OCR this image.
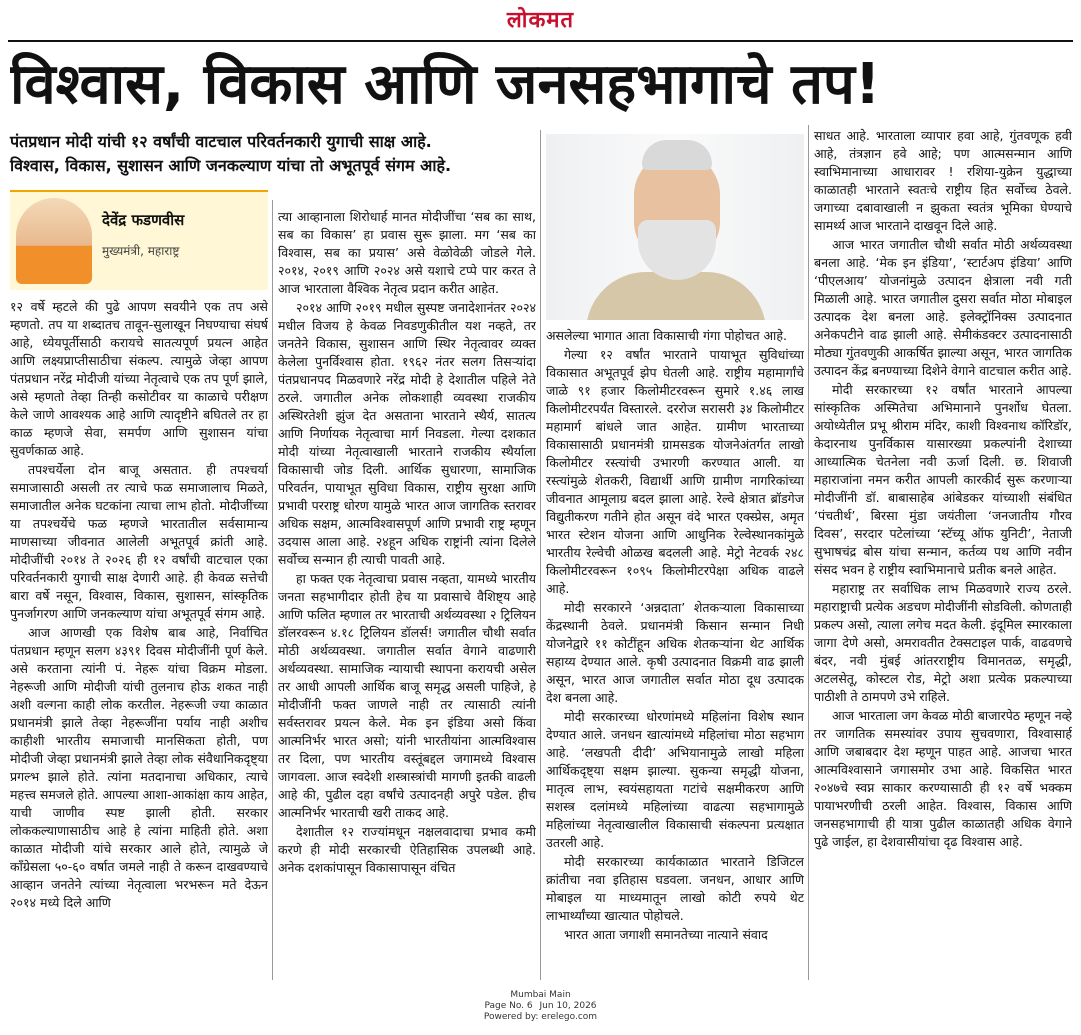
लोकमत
विश्वास, विकास आणि जनसहभागाचे तप!
पंतप्रधान मोदी यांची १२ वर्षांची वाटचाल परिवर्तनकारी युगाची साक्ष आहे.
विश्वास, विकास, सुशासन आणि जनकल्याण यांचा तो अभूतपूर्व संगम आहे.
देवेंद्र फडणवीस
मुख्यमंत्री, महाराष्ट्र

१२ वर्षे म्हटले की पुढे आपण सवयीने एक तप असे म्हणतो. तप या शब्दातच तावून-सुलाखून निघण्याचा संघर्ष आहे, ध्येयपूर्तीसाठी करायचे सातत्यपूर्ण प्रयत्न आहेत आणि लक्ष्यप्राप्तीसाठीचा संकल्प. त्यामुळे जेव्हा आपण पंतप्रधान नरेंद्र मोदीजी यांच्या नेतृत्वाचे एक तप पूर्ण झाले, असे म्हणतो तेव्हा तिन्ही कसोटीवर या काळाचे परीक्षण केले जाणे आवश्यक आहे आणि त्यादृष्टीने बघितले तर हा काळ म्हणजे सेवा, समर्पण आणि सुशासन यांचा सुवर्णकाळ आहे.

तपश्चर्येला दोन बाजू असतात. ही तपश्चर्या समाजासाठी असली तर त्याचे फळ समाजालाच मिळते, समाजातील अनेक घटकांना त्याचा लाभ होतो. मोदीजींच्या या तपश्चर्येचे फळ म्हणजे भारतातील सर्वसामान्य माणसाच्या जीवनात आलेली अभूतपूर्व क्रांती आहे. मोदीजींची २०१४ ते २०२६ ही १२ वर्षांची वाटचाल एका परिवर्तनकारी युगाची साक्ष देणारी आहे. ही केवळ सत्तेची बारा वर्षे नसून, विश्वास, विकास, सुशासन, सांस्कृतिक पुनर्जागरण आणि जनकल्याण यांचा अभूतपूर्व संगम आहे.

आज आणखी एक विशेष बाब आहे, निर्वाचित पंतप्रधान म्हणून सलग ४३९१ दिवस मोदीजींनी पूर्ण केले. असे करताना त्यांनी पं. नेहरू यांचा विक्रम मोडला. नेहरूजी आणि मोदीजी यांची तुलनाच होऊ शकत नाही अशी वल्गना काही लोक करतील. नेहरूजी ज्या काळात प्रधानमंत्री झाले तेव्हा नेहरूजींना पर्याय नाही अशीच काहीशी भारतीय समाजाची मानसिकता होती, पण मोदीजी जेव्हा प्रधानमंत्री झाले तेव्हा लोक संवैधानिकदृष्ट्या प्रगल्भ झाले होते. त्यांना मतदानाचा अधिकार, त्याचे महत्त्व समजले होते. आपल्या आशा-आकांक्षा काय आहेत, याची जाणीव स्पष्ट झाली होती. सरकार लोककल्याणासाठीच आहे हे त्यांना माहिती होते. अशा काळात मोदीजी यांचे सरकार आले होते, त्यामुळे जे काँग्रेसला ५०-६० वर्षात जमले नाही ते करून दाखवण्याचे आव्हान जनतेने त्यांच्या नेतृत्वाला भरभरून मते देऊन २०१४ मध्ये दिले आणि

त्या आव्हानाला शिरोधार्ह मानत मोदीजींचा ‘सब का साथ, सब का विकास’ हा प्रवास सुरू झाला. मग ‘सब का विश्वास, सब का प्रयास’ असे वेळोवेळी जोडले गेले. २०१४, २०१९ आणि २०२४ असे यशाचे टप्पे पार करत ते आज भारताला वैश्विक नेतृत्व प्रदान करीत आहेत.

२०१४ आणि २०१९ मधील सुस्पष्ट जनादेशानंतर २०२४ मधील विजय हे केवळ निवडणुकीतील यश नव्हते, तर जनतेने विकास, सुशासन आणि स्थिर नेतृत्वावर व्यक्त केलेला पुनर्विश्वास होता. १९६२ नंतर सलग तिसऱ्यांदा पंतप्रधानपद मिळवणारे नरेंद्र मोदी हे देशातील पहिले नेते ठरले. जगातील अनेक लोकशाही व्यवस्था राजकीय अस्थिरतेशी झुंज देत असताना भारताने स्थैर्य, सातत्य आणि निर्णायक नेतृत्वाचा मार्ग निवडला. गेल्या दशकात मोदी यांच्या नेतृत्वाखाली भारताने राजकीय स्थैर्याला विकासाची जोड दिली. आर्थिक सुधारणा, सामाजिक परिवर्तन, पायाभूत सुविधा विकास, राष्ट्रीय सुरक्षा आणि प्रभावी परराष्ट्र धोरण यामुळे भारत आज जागतिक स्तरावर अधिक सक्षम, आत्मविश्वासपूर्ण आणि प्रभावी राष्ट्र म्हणून उदयास आला आहे. २४हून अधिक राष्ट्रांनी त्यांना दिलेले सर्वोच्च सन्मान ही त्याची पावती आहे.

हा फक्त एक नेतृत्वाचा प्रवास नव्हता, यामध्ये भारतीय जनता सहभागीदार होती हेच या प्रवासाचे वैशिष्ट्य आहे आणि फलित म्हणाल तर भारताची अर्थव्यवस्था २ ट्रिलियन डॉलरवरून ४.१८ ट्रिलियन डॉलर्स! जगातील चौथी सर्वात मोठी अर्थव्यवस्था. जगातील सर्वात वेगाने वाढणारी अर्थव्यवस्था. सामाजिक न्यायाची स्थापना करायची असेल तर आधी आपली आर्थिक बाजू समृद्ध असली पाहिजे, हे मोदीजींनी फक्त जाणले नाही तर त्यासाठी त्यांनी सर्वस्तरावर प्रयत्न केले. मेक इन इंडिया असो किंवा आत्मनिर्भर भारत असो; यांनी भारतीयांना आत्मविश्वास तर दिला, पण भारतीय वस्तूंबद्दल जगामध्ये विश्वास जागवला. आज स्वदेशी शस्त्रास्त्रांची मागणी इतकी वाढली आहे की, पुढील दहा वर्षांचे उत्पादनही अपुरे पडेल. हीच आत्मनिर्भर भारताची खरी ताकद आहे.

देशातील १२ राज्यांमधून नक्षलवादाचा प्रभाव कमी करणे ही मोदी सरकारची ऐतिहासिक उपलब्धी आहे. अनेक दशकांपासून विकासापासून वंचित

असलेल्या भागात आता विकासाची गंगा पोहोचत आहे.

गेल्या १२ वर्षांत भारताने पायाभूत सुविधांच्या विकासात अभूतपूर्व झेप घेतली आहे. राष्ट्रीय महामार्गांचे जाळे ९१ हजार किलोमीटरवरून सुमारे १.४६ लाख किलोमीटरपर्यंत विस्तारले. दररोज सरासरी ३४ किलोमीटर महामार्ग बांधले जात आहेत. ग्रामीण भारताच्या विकासासाठी प्रधानमंत्री ग्रामसडक योजनेअंतर्गत लाखो किलोमीटर रस्त्यांची उभारणी करण्यात आली. या रस्त्यांमुळे शेतकरी, विद्यार्थी आणि ग्रामीण नागरिकांच्या जीवनात आमूलाग्र बदल झाला आहे. रेल्वे क्षेत्रात ब्रॉडगेज विद्युतीकरण गतीने होत असून वंदे भारत एक्स्प्रेस, अमृत भारत स्टेशन योजना आणि आधुनिक रेल्वेस्थानकांमुळे भारतीय रेल्वेची ओळख बदलली आहे. मेट्रो नेटवर्क २४८ किलोमीटरवरून १०९५ किलोमीटरपेक्षा अधिक वाढले आहे.

मोदी सरकारने ‘अन्नदाता’ शेतकऱ्याला विकासाच्या केंद्रस्थानी ठेवले. प्रधानमंत्री किसान सन्मान निधी योजनेद्वारे ११ कोटींहून अधिक शेतकऱ्यांना थेट आर्थिक सहाय्य देण्यात आले. कृषी उत्पादनात विक्रमी वाढ झाली असून, भारत आज जगातील सर्वात मोठा दूध उत्पादक देश बनला आहे.

मोदी सरकारच्या धोरणांमध्ये महिलांना विशेष स्थान देण्यात आले. जनधन खात्यांमध्ये महिलांचा मोठा सहभाग आहे. ‘लखपती दीदी’ अभियानामुळे लाखो महिला आर्थिकदृष्ट्या सक्षम झाल्या. सुकन्या समृद्धी योजना, मातृत्व लाभ, स्वयंसहायता गटांचे सक्षमीकरण आणि सशस्त्र दलांमध्ये महिलांच्या वाढत्या सहभागामुळे महिलांच्या नेतृत्वाखालील विकासाची संकल्पना प्रत्यक्षात उतरली आहे.

मोदी सरकारच्या कार्यकाळात भारताने डिजिटल क्रांतीचा नवा इतिहास घडवला. जनधन, आधार आणि मोबाइल या माध्यमातून लाखो कोटी रुपये थेट लाभार्थ्यांच्या खात्यात पोहोचले.

भारत आता जगाशी समानतेच्या नात्याने संवाद

साधत आहे. भारताला व्यापार हवा आहे, गुंतवणूक हवी आहे, तंत्रज्ञान हवे आहे; पण आत्मसन्मान आणि स्वाभिमानाच्या आधारावर ! रशिया-युक्रेन युद्धाच्या काळातही भारताने स्वतःचे राष्ट्रीय हित सर्वोच्च ठेवले. जगाच्या दबावाखाली न झुकता स्वतंत्र भूमिका घेण्याचे सामर्थ्य आज भारताने दाखवून दिले आहे.

आज भारत जगातील चौथी सर्वात मोठी अर्थव्यवस्था बनला आहे. ‘मेक इन इंडिया’, ‘स्टार्टअप इंडिया’ आणि ‘पीएलआय’ योजनांमुळे उत्पादन क्षेत्राला नवी गती मिळाली आहे. भारत जगातील दुसरा सर्वात मोठा मोबाइल उत्पादक देश बनला आहे. इलेक्ट्रॉनिक्स उत्पादनात अनेकपटीने वाढ झाली आहे. सेमीकंडक्टर उत्पादनासाठी मोठ्या गुंतवणुकी आकर्षित झाल्या असून, भारत जागतिक उत्पादन केंद्र बनण्याच्या दिशेने वेगाने वाटचाल करीत आहे.

मोदी सरकारच्या १२ वर्षांत भारताने आपल्या सांस्कृतिक अस्मितेचा अभिमानाने पुनर्शोध घेतला. अयोध्येतील प्रभू श्रीराम मंदिर, काशी विश्वनाथ कॉरिडॉर, केदारनाथ पुनर्विकास यासारख्या प्रकल्पांनी देशाच्या आध्यात्मिक चेतनेला नवी ऊर्जा दिली. छ. शिवाजी महाराजांना नमन करीत आपली कारकीर्द सुरू करणाऱ्या मोदीजींनी डॉ. बाबासाहेब आंबेडकर यांच्याशी संबंधित ‘पंचतीर्थ’, बिरसा मुंडा जयंतीला ‘जनजातीय गौरव दिवस’, सरदार पटेलांच्या ‘स्टॅच्यू ऑफ युनिटी’, नेताजी सुभाषचंद्र बोस यांचा सन्मान, कर्तव्य पथ आणि नवीन संसद भवन हे राष्ट्रीय स्वाभिमानाचे प्रतीक बनले आहेत.

महाराष्ट्र तर सर्वाधिक लाभ मिळवणारे राज्य ठरले. महाराष्ट्राची प्रत्येक अडचण मोदीजींनी सोडविली. कोणताही प्रकल्प असो, त्याला लगेच मदत केली. इंदूमिल स्मारकाला जागा देणे असो, अमरावतीत टेक्सटाइल पार्क, वाढवणचे बंदर, नवी मुंबई आंतरराष्ट्रीय विमानतळ, समृद्धी, अटलसेतू, कोस्टल रोड, मेट्रो अशा प्रत्येक प्रकल्पाच्या पाठीशी ते ठामपणे उभे राहिले.

आज भारताला जग केवळ मोठी बाजारपेठ म्हणून नव्हे तर जागतिक समस्यांवर उपाय सुचवणारा, विश्वासार्ह आणि जबाबदार देश म्हणून पाहत आहे. आजचा भारत आत्मविश्वासाने जगासमोर उभा आहे. विकसित भारत २०४७चे स्वप्न साकार करण्यासाठी ही १२ वर्षे भक्कम पायाभरणीची ठरली आहेत. विश्वास, विकास आणि जनसहभागाची ही यात्रा पुढील काळातही अधिक वेगाने पुढे जाईल, हा देशवासीयांचा दृढ विश्वास आहे.

Mumbai Main
Page No. 6 Jun 10, 2026
Powered by: erelego.com
